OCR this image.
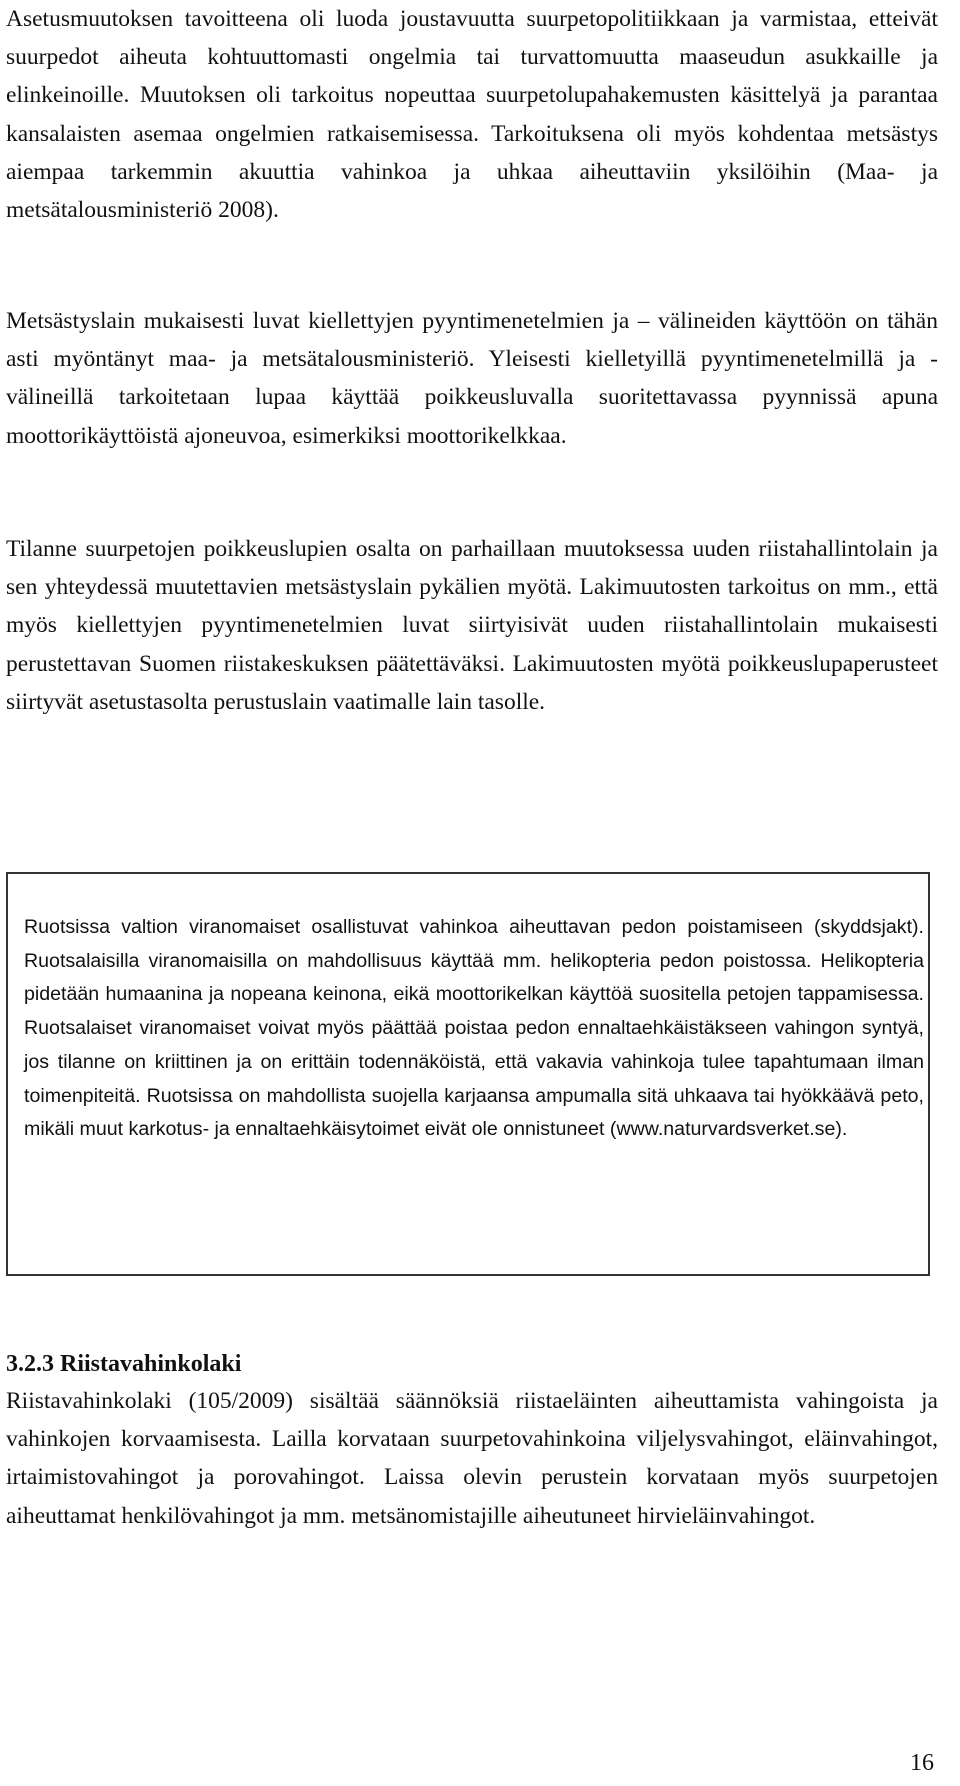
Asetusmuutoksen tavoitteena oli luoda joustavuutta suurpetopolitiikkaan ja varmistaa, etteivät suurpedot aiheuta kohtuuttomasti ongelmia tai turvattomuutta maaseudun asukkaille ja elinkeinoille. Muutoksen oli tarkoitus nopeuttaa suurpetolupahakemusten käsittelyä ja parantaa kansalaisten asemaa ongelmien ratkaisemisessa. Tarkoituksena oli myös kohdentaa metsästys aiempaa tarkemmin akuuttia vahinkoa ja uhkaa aiheuttaviin yksilöihin (Maa- ja metsätalousministeriö 2008).

Metsästyslain mukaisesti luvat kiellettyjen pyyntimenetelmien ja – välineiden käyttöön on tähän asti myöntänyt maa- ja metsätalousministeriö. Yleisesti kielletyillä pyyntimenetelmillä ja -välineillä tarkoitetaan lupaa käyttää poikkeusluvalla suoritettavassa pyynnissä apuna moottorikäyttöistä ajoneuvoa, esimerkiksi moottorikelkkaa.

Tilanne suurpetojen poikkeuslupien osalta on parhaillaan muutoksessa uuden riistahallintolain ja sen yhteydessä muutettavien metsästyslain pykälien myötä. Lakimuutosten tarkoitus on mm., että myös kiellettyjen pyyntimenetelmien luvat siirtyisivät uuden riistahallintolain mukaisesti perustettavan Suomen riistakeskuksen päätettäväksi. Lakimuutosten myötä poikkeuslupaperusteet siirtyvät asetustasolta perustuslain vaatimalle lain tasolle.

Ruotsissa valtion viranomaiset osallistuvat vahinkoa aiheuttavan pedon poistamiseen (skyddsjakt). Ruotsalaisilla viranomaisilla on mahdollisuus käyttää mm. helikopteria pedon poistossa. Helikopteria pidetään humaanina ja nopeana keinona, eikä moottorikelkan käyttöä suositella petojen tappamisessa. Ruotsalaiset viranomaiset voivat myös päättää poistaa pedon ennaltaehkäistäkseen vahingon syntyä, jos tilanne on kriittinen ja on erittäin todennäköistä, että vakavia vahinkoja tulee tapahtumaan ilman toimenpiteitä. Ruotsissa on mahdollista suojella karjaansa ampumalla sitä uhkaava tai hyökkäävä peto, mikäli muut karkotus- ja ennaltaehkäisytoimet eivät ole onnistuneet (www.naturvardsverket.se).

3.2.3 Riistavahinkolaki

Riistavahinkolaki (105/2009) sisältää säännöksiä riistaeläinten aiheuttamista vahingoista ja vahinkojen korvaamisesta. Lailla korvataan suurpetovahinkoina viljelysvahingot, eläinvahingot, irtaimistovahingot ja porovahingot. Laissa olevin perustein korvataan myös suurpetojen aiheuttamat henkilövahingot ja mm. metsänomistajille aiheutuneet hirvieläinvahingot.

16
